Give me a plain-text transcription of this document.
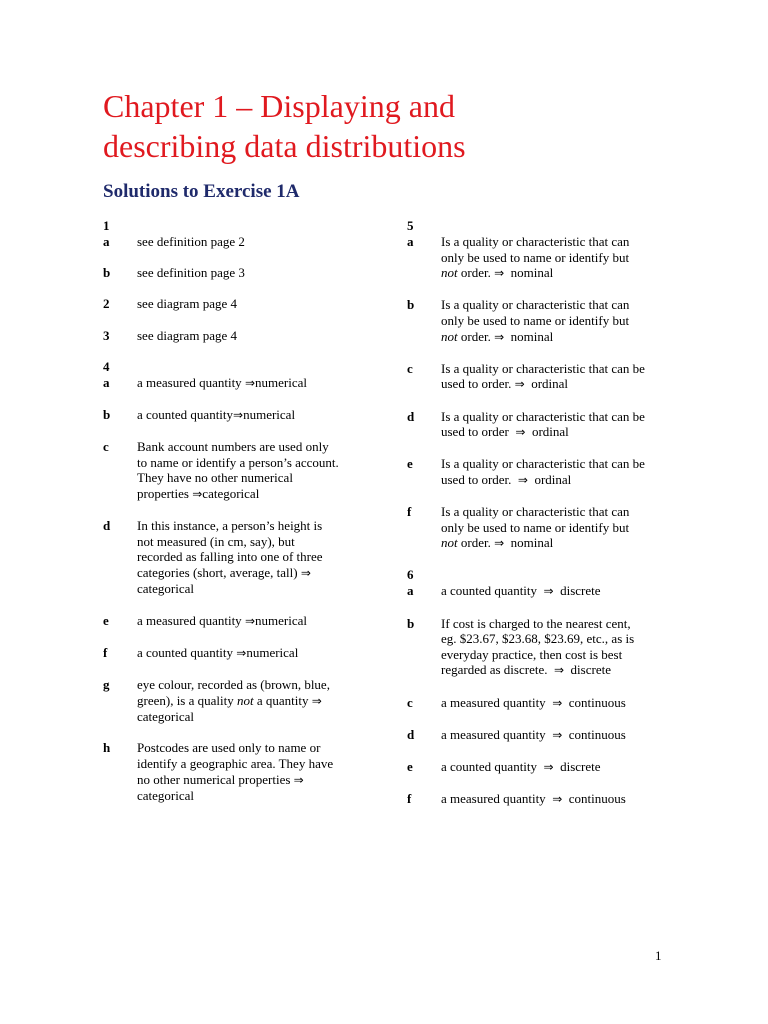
Chapter 1 – Displaying and
describing data distributions
Solutions to Exercise 1A
1
a	see definition page 2
b	see definition page 3
2	see diagram page 4
3	see diagram page 4
4
a	a measured quantity ⇒numerical
b	a counted quantity⇒numerical
c	Bank account numbers are used only
to name or identify a person’s account.
They have no other numerical
properties ⇒categorical
d	In this instance, a person’s height is
not measured (in cm, say), but
recorded as falling into one of three
categories (short, average, tall) ⇒
categorical
e	a measured quantity ⇒numerical
f	a counted quantity ⇒numerical
g	eye colour, recorded as (brown, blue,
green), is a quality not a quantity ⇒
categorical
h	Postcodes are used only to name or
identify a geographic area. They have
no other numerical properties ⇒
categorical
5
a	Is a quality or characteristic that can
only be used to name or identify but
not order. ⇒ nominal
b	Is a quality or characteristic that can
only be used to name or identify but
not order. ⇒ nominal
c	Is a quality or characteristic that can be
used to order. ⇒ ordinal
d	Is a quality or characteristic that can be
used to order ⇒ ordinal
e	Is a quality or characteristic that can be
used to order. ⇒ ordinal
f	Is a quality or characteristic that can
only be used to name or identify but
not order. ⇒ nominal
6
a	a counted quantity ⇒ discrete
b	If cost is charged to the nearest cent,
eg. $23.67, $23.68, $23.69, etc., as is
everyday practice, then cost is best
regarded as discrete. ⇒ discrete
c	a measured quantity ⇒ continuous
d	a measured quantity ⇒ continuous
e	a counted quantity ⇒ discrete
f	a measured quantity ⇒ continuous
1
